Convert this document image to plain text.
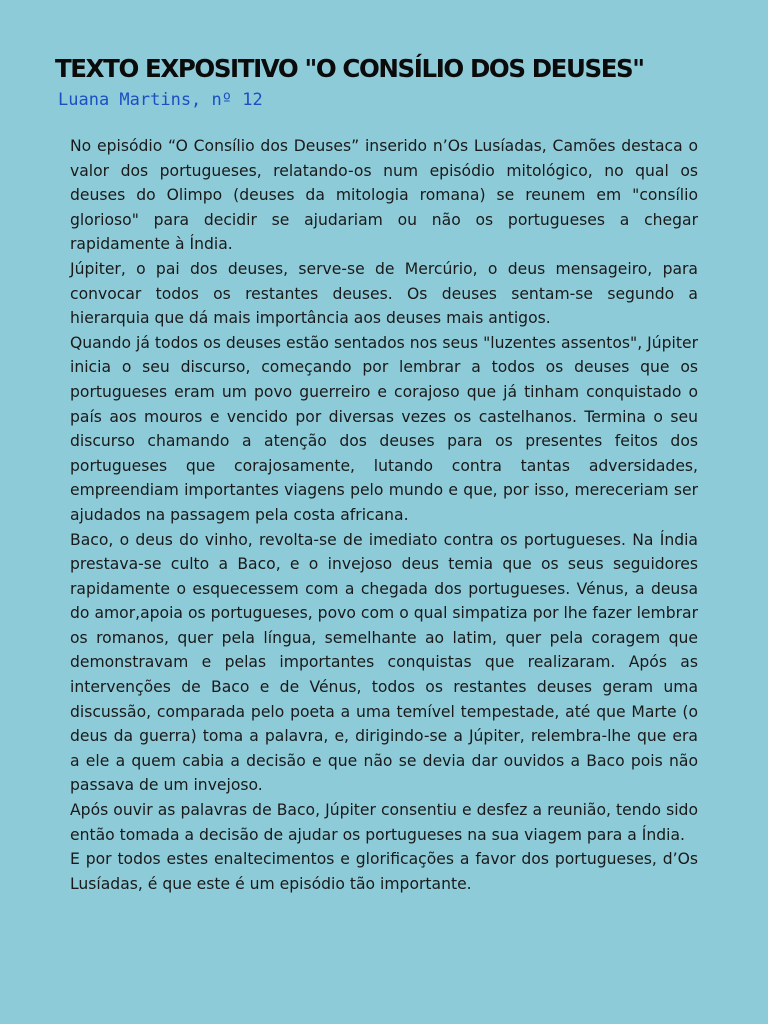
TEXTO EXPOSITIVO "O CONSÍLIO DOS DEUSES"
Luana Martins, nº 12

No episódio “O Consílio dos Deuses” inserido n’Os Lusíadas, Camões destaca o valor dos portugueses, relatando-os num episódio mitológico, no qual os deuses do Olimpo (deuses da mitologia romana) se reunem em "consílio glorioso" para decidir se ajudariam ou não os portugueses a chegar rapidamente à Índia.

Júpiter, o pai dos deuses, serve-se de Mercúrio, o deus mensageiro, para convocar todos os restantes deuses. Os deuses sentam-se segundo a hierarquia que dá mais importância aos deuses mais antigos.

Quando já todos os deuses estão sentados nos seus "luzentes assentos", Júpiter inicia o seu discurso, começando por lembrar a todos os deuses que os portugueses eram um povo guerreiro e corajoso que já tinham conquistado o país aos mouros e vencido por diversas vezes os castelhanos. Termina o seu discurso chamando a atenção dos deuses para os presentes feitos dos portugueses que corajosamente, lutando contra tantas adversidades, empreendiam importantes viagens pelo mundo e que, por isso, mereceriam ser ajudados na passagem pela costa africana.

Baco, o deus do vinho, revolta-se de imediato contra os portugueses. Na Índia prestava-se culto a Baco, e o invejoso deus temia que os seus seguidores rapidamente o esquecessem com a chegada dos portugueses. Vénus, a deusa do amor,apoia os portugueses, povo com o qual simpatiza por lhe fazer lembrar os romanos, quer pela língua, semelhante ao latim, quer pela coragem que demonstravam e pelas importantes conquistas que realizaram. Após as intervenções de Baco e de Vénus, todos os restantes deuses geram uma discussão, comparada pelo poeta a uma temível tempestade, até que Marte (o deus da guerra) toma a palavra, e, dirigindo-se a Júpiter, relembra-lhe que era a ele a quem cabia a decisão e que não se devia dar ouvidos a Baco pois não passava de um invejoso.

Após ouvir as palavras de Baco, Júpiter consentiu e desfez a reunião, tendo sido então tomada a decisão de ajudar os portugueses na sua viagem para a Índia.

E por todos estes enaltecimentos e glorificações a favor dos portugueses, d’Os Lusíadas, é que este é um episódio tão importante.
